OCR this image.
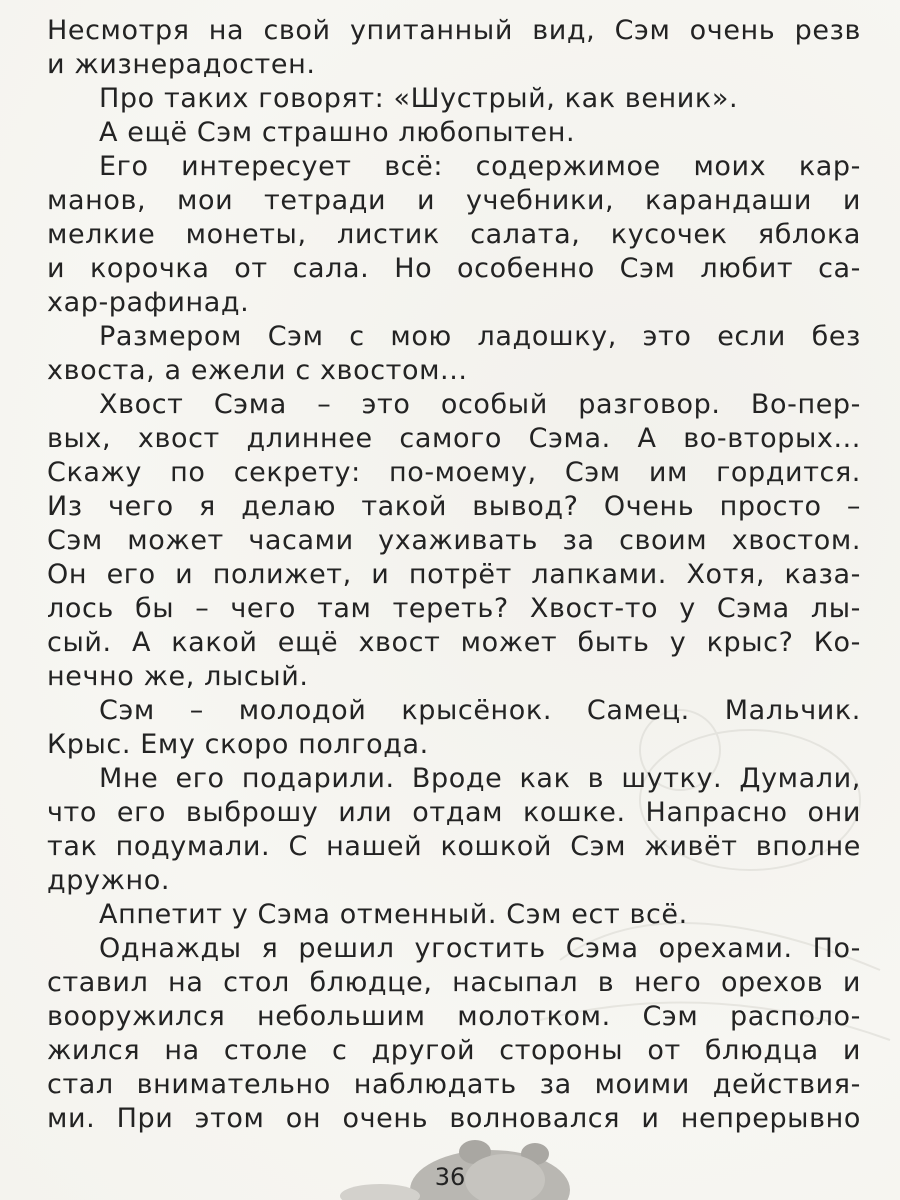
Несмотря на свой упитанный вид, Сэм очень резв
и жизнерадостен.
Про таких говорят: «Шустрый, как веник».
А ещё Сэм страшно любопытен.
Его интересует всё: содержимое моих кар-
манов, мои тетради и учебники, карандаши и
мелкие монеты, листик салата, кусочек яблока
и корочка от сала. Но особенно Сэм любит са-
хар-рафинад.
Размером Сэм с мою ладошку, это если без
хвоста, а ежели с хвостом...
Хвост Сэма – это особый разговор. Во-пер-
вых, хвост длиннее самого Сэма. А во-вторых...
Скажу по секрету: по-моему, Сэм им гордится.
Из чего я делаю такой вывод? Очень просто –
Сэм может часами ухаживать за своим хвостом.
Он его и полижет, и потрёт лапками. Хотя, каза-
лось бы – чего там тереть? Хвост-то у Сэма лы-
сый. А какой ещё хвост может быть у крыс? Ко-
нечно же, лысый.
Сэм – молодой крысёнок. Самец. Мальчик.
Крыс. Ему скоро полгода.
Мне его подарили. Вроде как в шутку. Думали,
что его выброшу или отдам кошке. Напрасно они
так подумали. С нашей кошкой Сэм живёт вполне
дружно.
Аппетит у Сэма отменный. Сэм ест всё.
Однажды я решил угостить Сэма орехами. По-
ставил на стол блюдце, насыпал в него орехов и
вооружился небольшим молотком. Сэм располо-
жился на столе с другой стороны от блюдца и
стал внимательно наблюдать за моими действия-
ми. При этом он очень волновался и непрерывно
36
